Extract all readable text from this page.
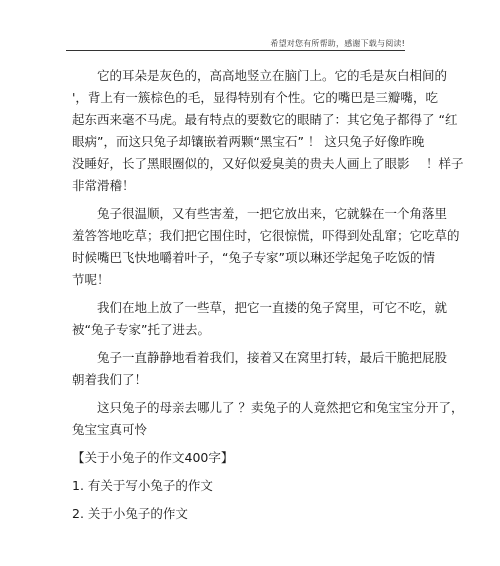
希望对您有所帮助，感谢下载与阅读!
它的耳朵是灰色的，高高地竖立在脑门上。它的毛是灰白相间的
'，背上有一簇棕色的毛，显得特别有个性。它的嘴巴是三瓣嘴，吃
起东西来毫不马虎。最有特点的要数它的眼睛了：其它兔子都得了 “红
眼病”，而这只兔子却镶嵌着两颗“黑宝石” ！ 这只兔子好像昨晚
没睡好，长了黑眼圈似的，又好似爱臭美的贵夫人画上了眼影　 ！样子
非常滑稽！
兔子很温顺，又有些害羞，一把它放出来，它就躲在一个角落里
羞答答地吃草；我们把它围住时，它很惊慌，吓得到处乱窜；它吃草的
时候嘴巴飞快地嚼着叶子，“兔子专家”项以琳还学起兔子吃饭的情
节呢！
我们在地上放了一些草，把它一直搂的兔子窝里，可它不吃，就
被“兔子专家”托了进去。
兔子一直静静地看着我们，接着又在窝里打转，最后干脆把屁股
朝着我们了！
这只兔子的母亲去哪儿了 ？卖兔子的人竟然把它和兔宝宝分开了，
兔宝宝真可怜
【关于小兔子的作文400字】
1. 有关于写小兔子的作文
2. 关于小兔子的作文
